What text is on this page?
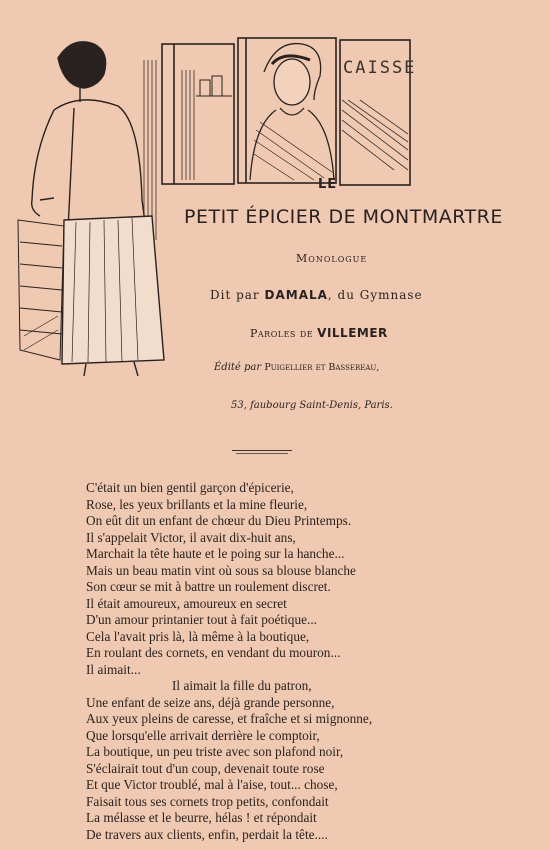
CAISSE
LE
PETIT ÉPICIER DE MONTMARTRE
Monologue
Dit par DAMALA, du Gymnase
Paroles de VILLEMER
Édité par Puigellier et Bassereau,
53, faubourg Saint-Denis, Paris.
C'était un bien gentil garçon d'épicerie,
Rose, les yeux brillants et la mine fleurie,
On eût dit un enfant de chœur du Dieu Printemps.
Il s'appelait Victor, il avait dix-huit ans,
Marchait la tête haute et le poing sur la hanche...
Mais un beau matin vint où sous sa blouse blanche
Son cœur se mit à battre un roulement discret.
Il était amoureux, amoureux en secret
D'un amour printanier tout à fait poétique...
Cela l'avait pris là, là même à la boutique,
En roulant des cornets, en vendant du mouron...
Il aimait...
Il aimait la fille du patron,
Une enfant de seize ans, déjà grande personne,
Aux yeux pleins de caresse, et fraîche et si mignonne,
Que lorsqu'elle arrivait derrière le comptoir,
La boutique, un peu triste avec son plafond noir,
S'éclairait tout d'un coup, devenait toute rose
Et que Victor troublé, mal à l'aise, tout... chose,
Faisait tous ses cornets trop petits, confondait
La mélasse et le beurre, hélas ! et répondait
De travers aux clients, enfin, perdait la tête....
